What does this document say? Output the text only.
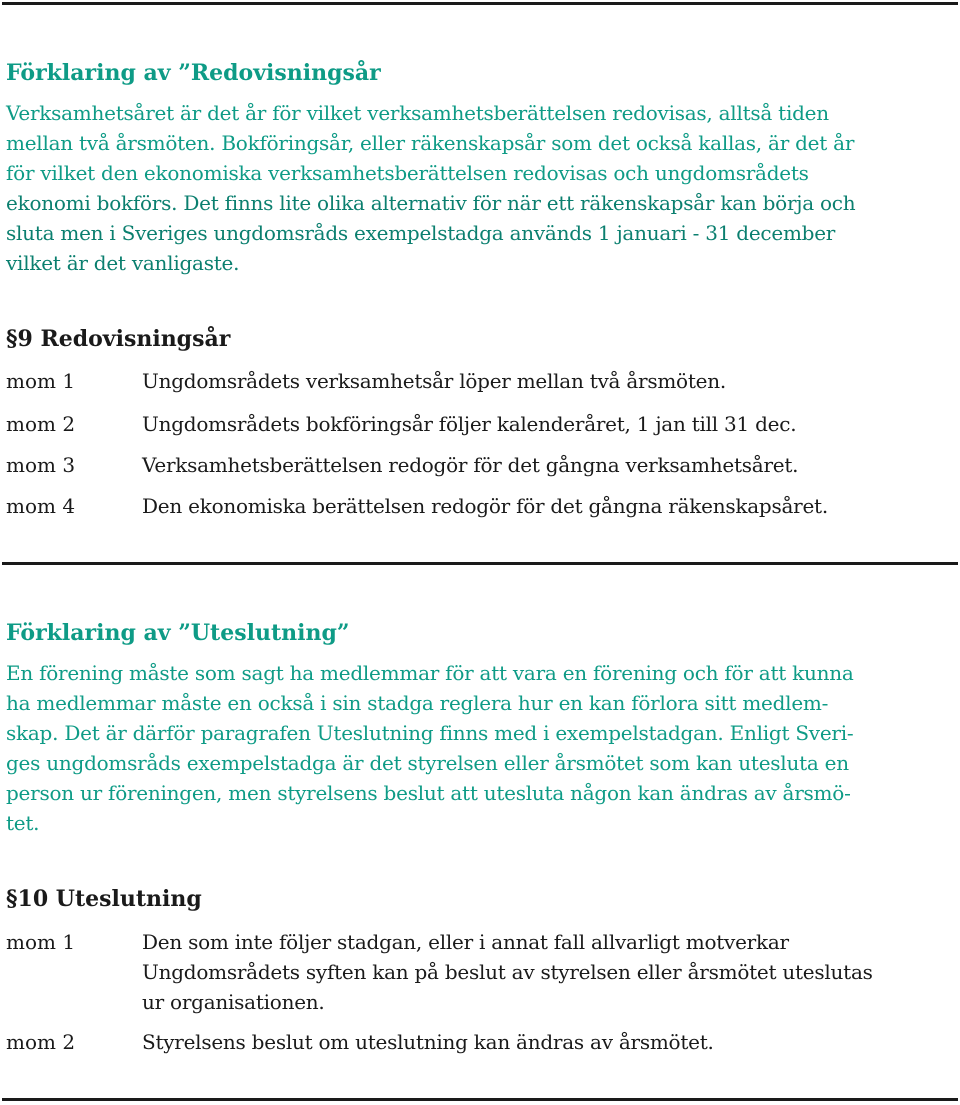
Förklaring av ”Redovisningsår

Verksamhetsåret är det år för vilket verksamhetsberättelsen redovisas, alltså tiden
mellan två årsmöten. Bokföringsår, eller räkenskapsår som det också kallas, är det år
för vilket den ekonomiska verksamhetsberättelsen redovisas och ungdomsrådets
ekonomi bokförs. Det finns lite olika alternativ för när ett räkenskapsår kan börja och
sluta men i Sveriges ungdomsråds exempelstadga används 1 januari - 31 december
vilket är det vanligaste.

§9 Redovisningsår
mom 1	Ungdomsrådets verksamhetsår löper mellan två årsmöten.
mom 2	Ungdomsrådets bokföringsår följer kalenderåret, 1 jan till 31 dec.
mom 3	Verksamhetsberättelsen redogör för det gångna verksamhetsåret.
mom 4	Den ekonomiska berättelsen redogör för det gångna räkenskapsåret.
Förklaring av ”Uteslutning”

En förening måste som sagt ha medlemmar för att vara en förening och för att kunna
ha medlemmar måste en också i sin stadga reglera hur en kan förlora sitt medlem-
skap. Det är därför paragrafen Uteslutning finns med i exempelstadgan. Enligt Sveri-
ges ungdomsråds exempelstadga är det styrelsen eller årsmötet som kan utesluta en
person ur föreningen, men styrelsens beslut att utesluta någon kan ändras av årsmö-
tet.

§10 Uteslutning
mom 1	Den som inte följer stadgan, eller i annat fall allvarligt motverkar
Ungdomsrådets syften kan på beslut av styrelsen eller årsmötet uteslutas
ur organisationen.
mom 2	Styrelsens beslut om uteslutning kan ändras av årsmötet.
